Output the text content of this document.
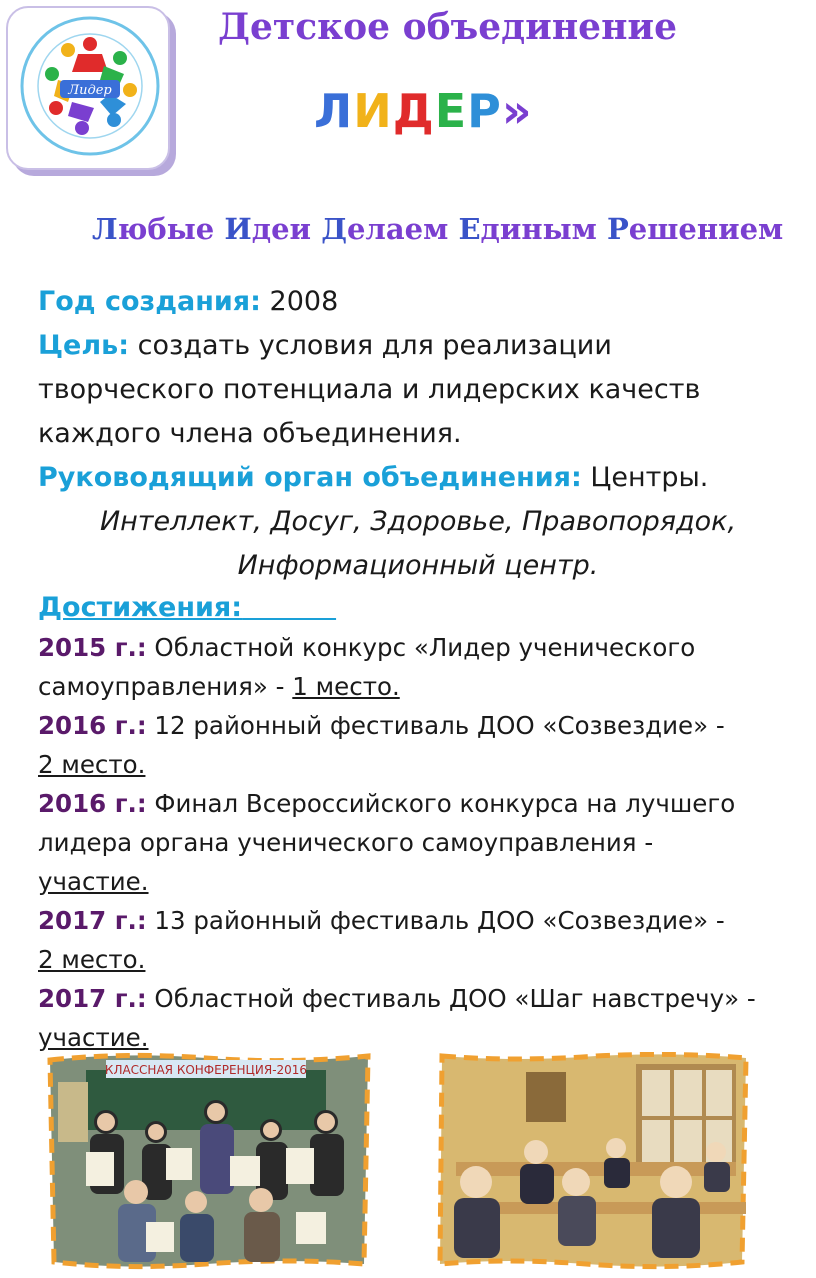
Лидер
Детское объединение
ЛИДЕР»
Любые Идеи Делаем Единым Решением
Год создания: 2008
Цель: создать условия для реализации
творческого потенциала и лидерских качеств
каждого члена объединения.
Руководящий орган объединения: Центры.
Интеллект, Досуг, Здоровье, Правопорядок,
Информационный центр.
Достижения:
2015 г.: Областной конкурс «Лидер ученического
самоуправления» - 1 место.
2016 г.: 12 районный фестиваль ДОО «Созвездие» -
2 место.
2016 г.: Финал Всероссийского конкурса на лучшего
лидера органа ученического самоуправления -
участие.
2017 г.: 13 районный фестиваль ДОО «Созвездие» -
2 место.
2017 г.: Областной фестиваль ДОО «Шаг навстречу» -
участие.
КЛАССНАЯ КОНФЕРЕНЦИЯ-2016
